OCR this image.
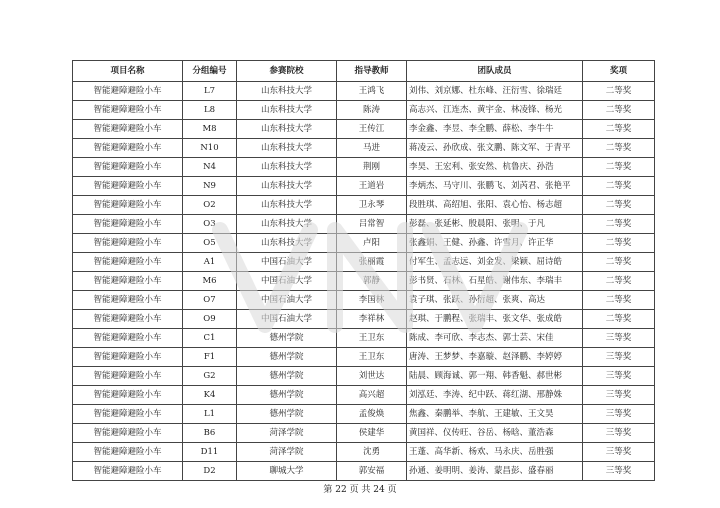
项目名称	分组编号	参赛院校	指导教师	团队成员	奖项
智能避障避险小车	L7	山东科技大学	王鸿飞	刘伟、刘京娜、杜东峰、汪衍雪、徐瑞廷	二等奖
智能避障避险小车	L8	山东科技大学	陈涛	高志兴、江连杰、黄宇金、林凌锋、杨光	二等奖
智能避障避险小车	M8	山东科技大学	王传江	李金鑫、李昱、李全鹏、薛松、李牛牛	二等奖
智能避障避险小车	N10	山东科技大学	马进	蒋凌云、孙欣成、张文鹏、陈文军、于青平	二等奖
智能避障避险小车	N4	山东科技大学	荆刚	李昊、王宏利、张安然、杭鲁庆、孙浩	二等奖
智能避障避险小车	N9	山东科技大学	王道岩	李炳杰、马守川、张鹏飞、刘芮君、张艳平	二等奖
智能避障避险小车	O2	山东科技大学	卫永琴	段胜琪、高绍旭、张阳、袁心怡、杨志超	二等奖
智能避障避险小车	O3	山东科技大学	吕常智	彭磊、张延彬、殷晨阳、张明、于凡	二等奖
智能避障避险小车	O5	山东科技大学	卢阳	张鑫娟、王健、孙鑫、许雪月、许正华	二等奖
智能避障避险小车	A1	中国石油大学	张丽霞	付军生、孟志远、刘金发、梁颖、屈诗皓	二等奖
智能避障避险小车	M6	中国石油大学	郭静	彭书贤、石林、石星皓、谢伟东、李瑞丰	二等奖
智能避障避险小车	O7	中国石油大学	李国林	袁子琪、张跃、孙衍超、张爽、高达	二等奖
智能避障避险小车	O9	中国石油大学	李祥林	赵琪、于鹏程、张瑞丰、张文华、张成皓	二等奖
智能避障避险小车	C1	德州学院	王卫东	陈成、李可欣、李志杰、郭士芸、宋佳	三等奖
智能避障避险小车	F1	德州学院	王卫东	唐涛、王梦梦、李嘉璇、赵泽鹏、李婷婷	三等奖
智能避障避险小车	G2	德州学院	刘世达	陆晨、顾海诚、郭一翔、韩香魁、郝世彬	三等奖
智能避障避险小车	K4	德州学院	高兴超	刘泓廷、李涛、纪中跃、蒋红湖、邢静姝	三等奖
智能避障避险小车	L1	德州学院	孟俊焕	焦鑫、秦鹏举、李航、王建敏、王文昊	三等奖
智能避障避险小车	B6	菏泽学院	侯建华	黄国祥、仪传旺、谷岳、杨晗、董浩森	三等奖
智能避障避险小车	D11	菏泽学院	沈勇	王蓬、高华新、杨欢、马永庆、岳胜强	三等奖
智能避障避险小车	D2	聊城大学	郭安福	孙通、姜明明、姜涛、蒙昌彭、盛春丽	三等奖
第 22 页 共 24 页
